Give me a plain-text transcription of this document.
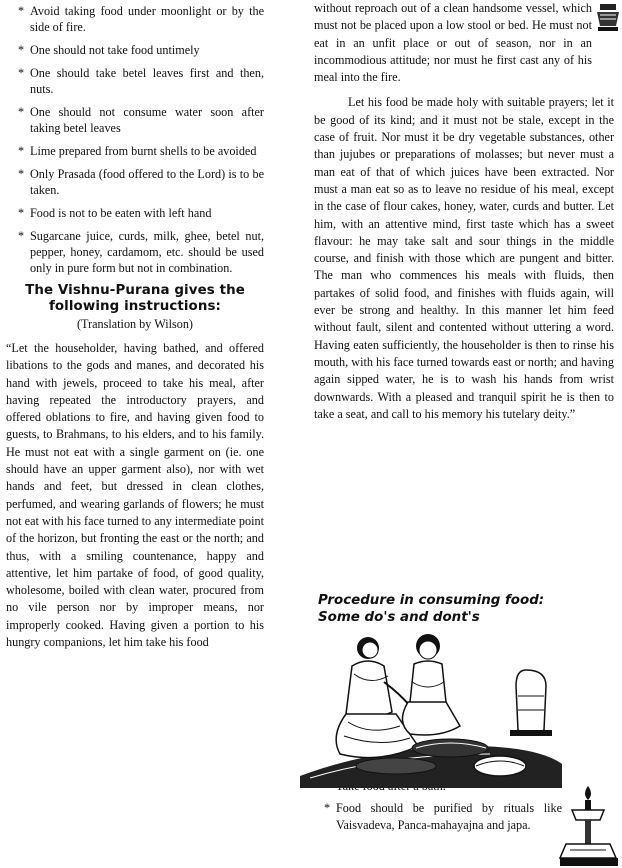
* Avoid taking food under moonlight or by the side of fire.
* One should not take food untimely
* One should take betel leaves first and then, nuts.
* One should not consume water soon after taking betel leaves
* Lime prepared from burnt shells to be avoided
* Only Prasada (food offered to the Lord) is to be taken.
* Food is not to be eaten with left hand
* Sugarcane juice, curds, milk, ghee, betel nut, pepper, honey, cardamom, etc. should be used only in pure form but not in combination.
The Vishnu-Purana gives the following instructions:
(Translation by Wilson)

“Let the householder, having bathed, and offered libations to the gods and manes, and decorated his hand with jewels, proceed to take his meal, after having repeated the introductory prayers, and offered oblations to fire, and having given food to guests, to Brahmans, to his elders, and to his family. He must not eat with a single garment on (ie. one should have an upper garment also), nor with wet hands and feet, but dressed in clean clothes, perfumed, and wearing garlands of flowers; he must not eat with his face turned to any intermediate point of the horizon, but fronting the east or the north; and thus, with a smiling countenance, happy and attentive, let him partake of food, of good quality, wholesome, boiled with clean water, procured from no vile person nor by improper means, nor improperly cooked. Having given a portion to his hungry companions, let him take his food

without reproach out of a clean handsome vessel, which must not be placed upon a low stool or bed. He must not eat in an unfit place or out of season, nor in an incommodious attitude; nor must he first cast any of his meal into the fire.

Let his food be made holy with suitable prayers; let it be good of its kind; and it must not be stale, except in the case of fruit. Nor must it be dry vegetable substances, other than jujubes or preparations of molasses; but never must a man eat of that of which juices have been extracted. Nor must a man eat so as to leave no residue of his meal, except in the case of flour cakes, honey, water, curds and butter. Let him, with an attentive mind, first taste which has a sweet flavour: he may take salt and sour things in the middle course, and finish with those which are pungent and bitter. The man who commences his meals with fluids, then partakes of solid food, and finishes with fluids again, will ever be strong and healthy. In this manner let him feed without fault, silent and contented without uttering a word. Having eaten sufficiently, the householder is then to rinse his mouth, with his face turned towards east or north; and having again sipped water, he is to wash his hands from wrist downwards. With a pleased and tranquil spirit he is then to take a seat, and call to his memory his tutelary deity.”

Procedure in consuming food: Some do's and dont's
* Food should be purified by rituals like Vaisvadeva, Panca-mahayajna and japa.
